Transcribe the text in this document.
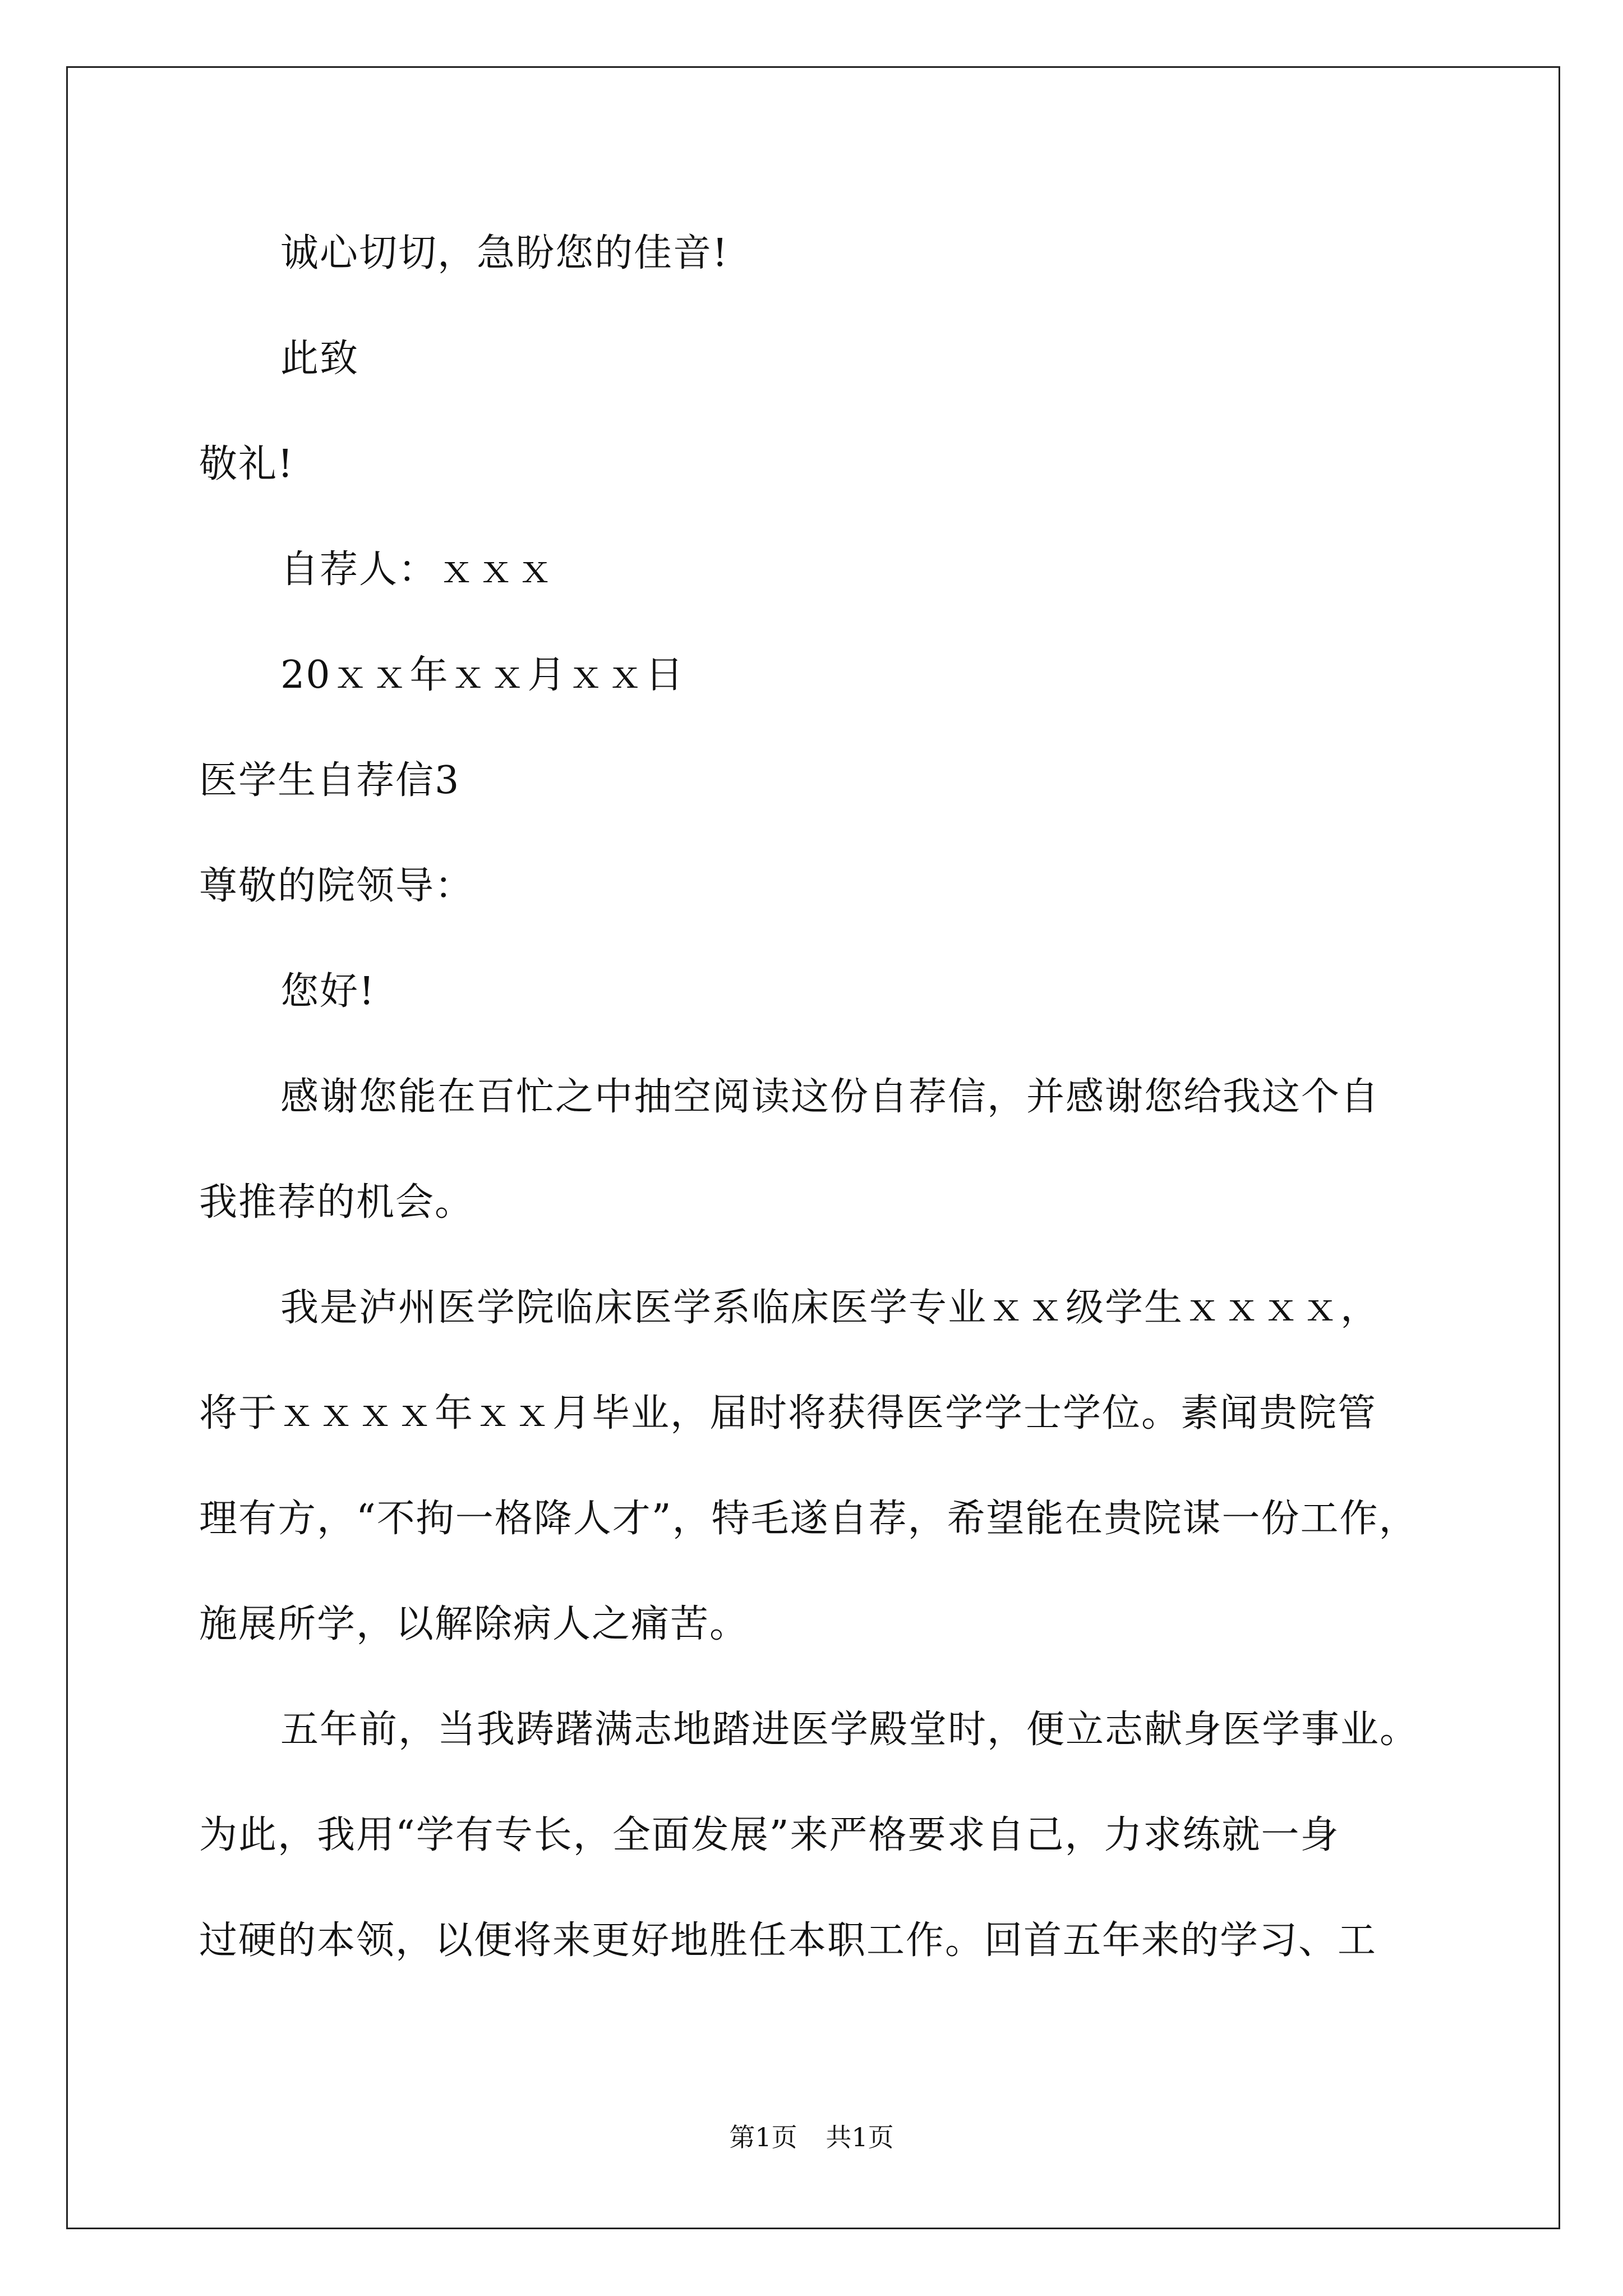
诚心切切，急盼您的佳音!
此致
敬礼!
自荐人：ｘｘｘ
20ｘｘ年ｘｘ月ｘｘ日
医学生自荐信3
尊敬的院领导：
您好!
感谢您能在百忙之中抽空阅读这份自荐信，并感谢您给我这个自
我推荐的机会。
我是泸州医学院临床医学系临床医学专业ｘｘ级学生ｘｘｘｘ，
将于ｘｘｘｘ年ｘｘ月毕业，届时将获得医学学士学位。素闻贵院管
理有方，“不拘一格降人才”，特毛遂自荐，希望能在贵院谋一份工作，
施展所学，以解除病人之痛苦。
五年前，当我踌躇满志地踏进医学殿堂时，便立志献身医学事业。
为此，我用“学有专长，全面发展”来严格要求自己，力求练就一身
过硬的本领，以便将来更好地胜任本职工作。回首五年来的学习、工
第1页 共1页
